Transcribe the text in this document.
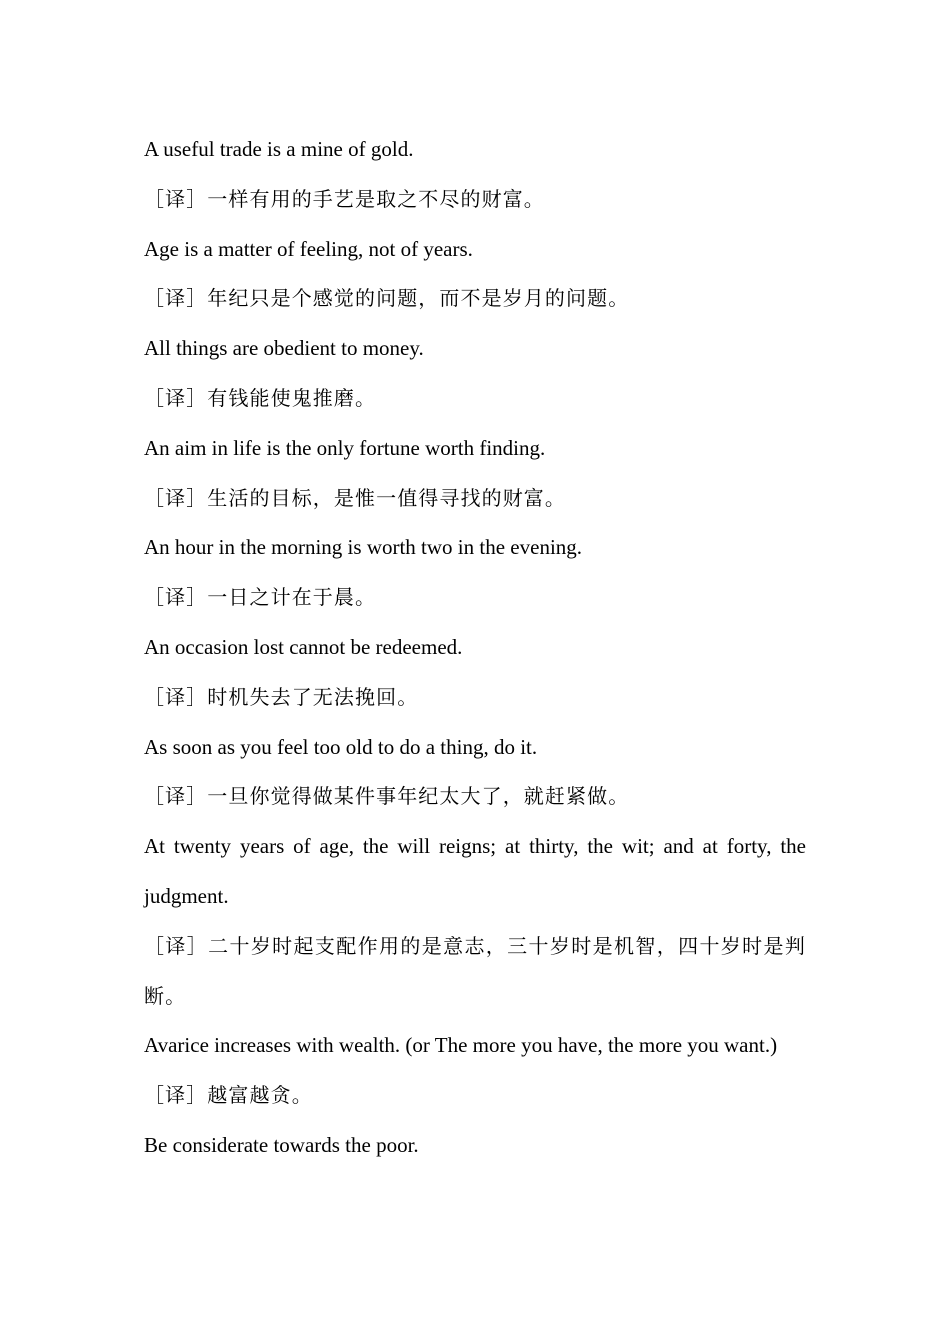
A useful trade is a mine of gold.

［译］一样有用的手艺是取之不尽的财富。

Age is a matter of feeling, not of years.

［译］年纪只是个感觉的问题，而不是岁月的问题。

All things are obedient to money.

［译］有钱能使鬼推磨。

An aim in life is the only fortune worth finding.

［译］生活的目标，是惟一值得寻找的财富。

An hour in the morning is worth two in the evening.

［译］一日之计在于晨。

An occasion lost cannot be redeemed.

［译］时机失去了无法挽回。

As soon as you feel too old to do a thing, do it.

［译］一旦你觉得做某件事年纪太大了，就赶紧做。

At twenty years of age, the will reigns; at thirty, the wit; and at forty, the judgment.

［译］二十岁时起支配作用的是意志，三十岁时是机智，四十岁时是判断。

Avarice increases with wealth. (or The more you have, the more you want.)

［译］越富越贪。

Be considerate towards the poor.
